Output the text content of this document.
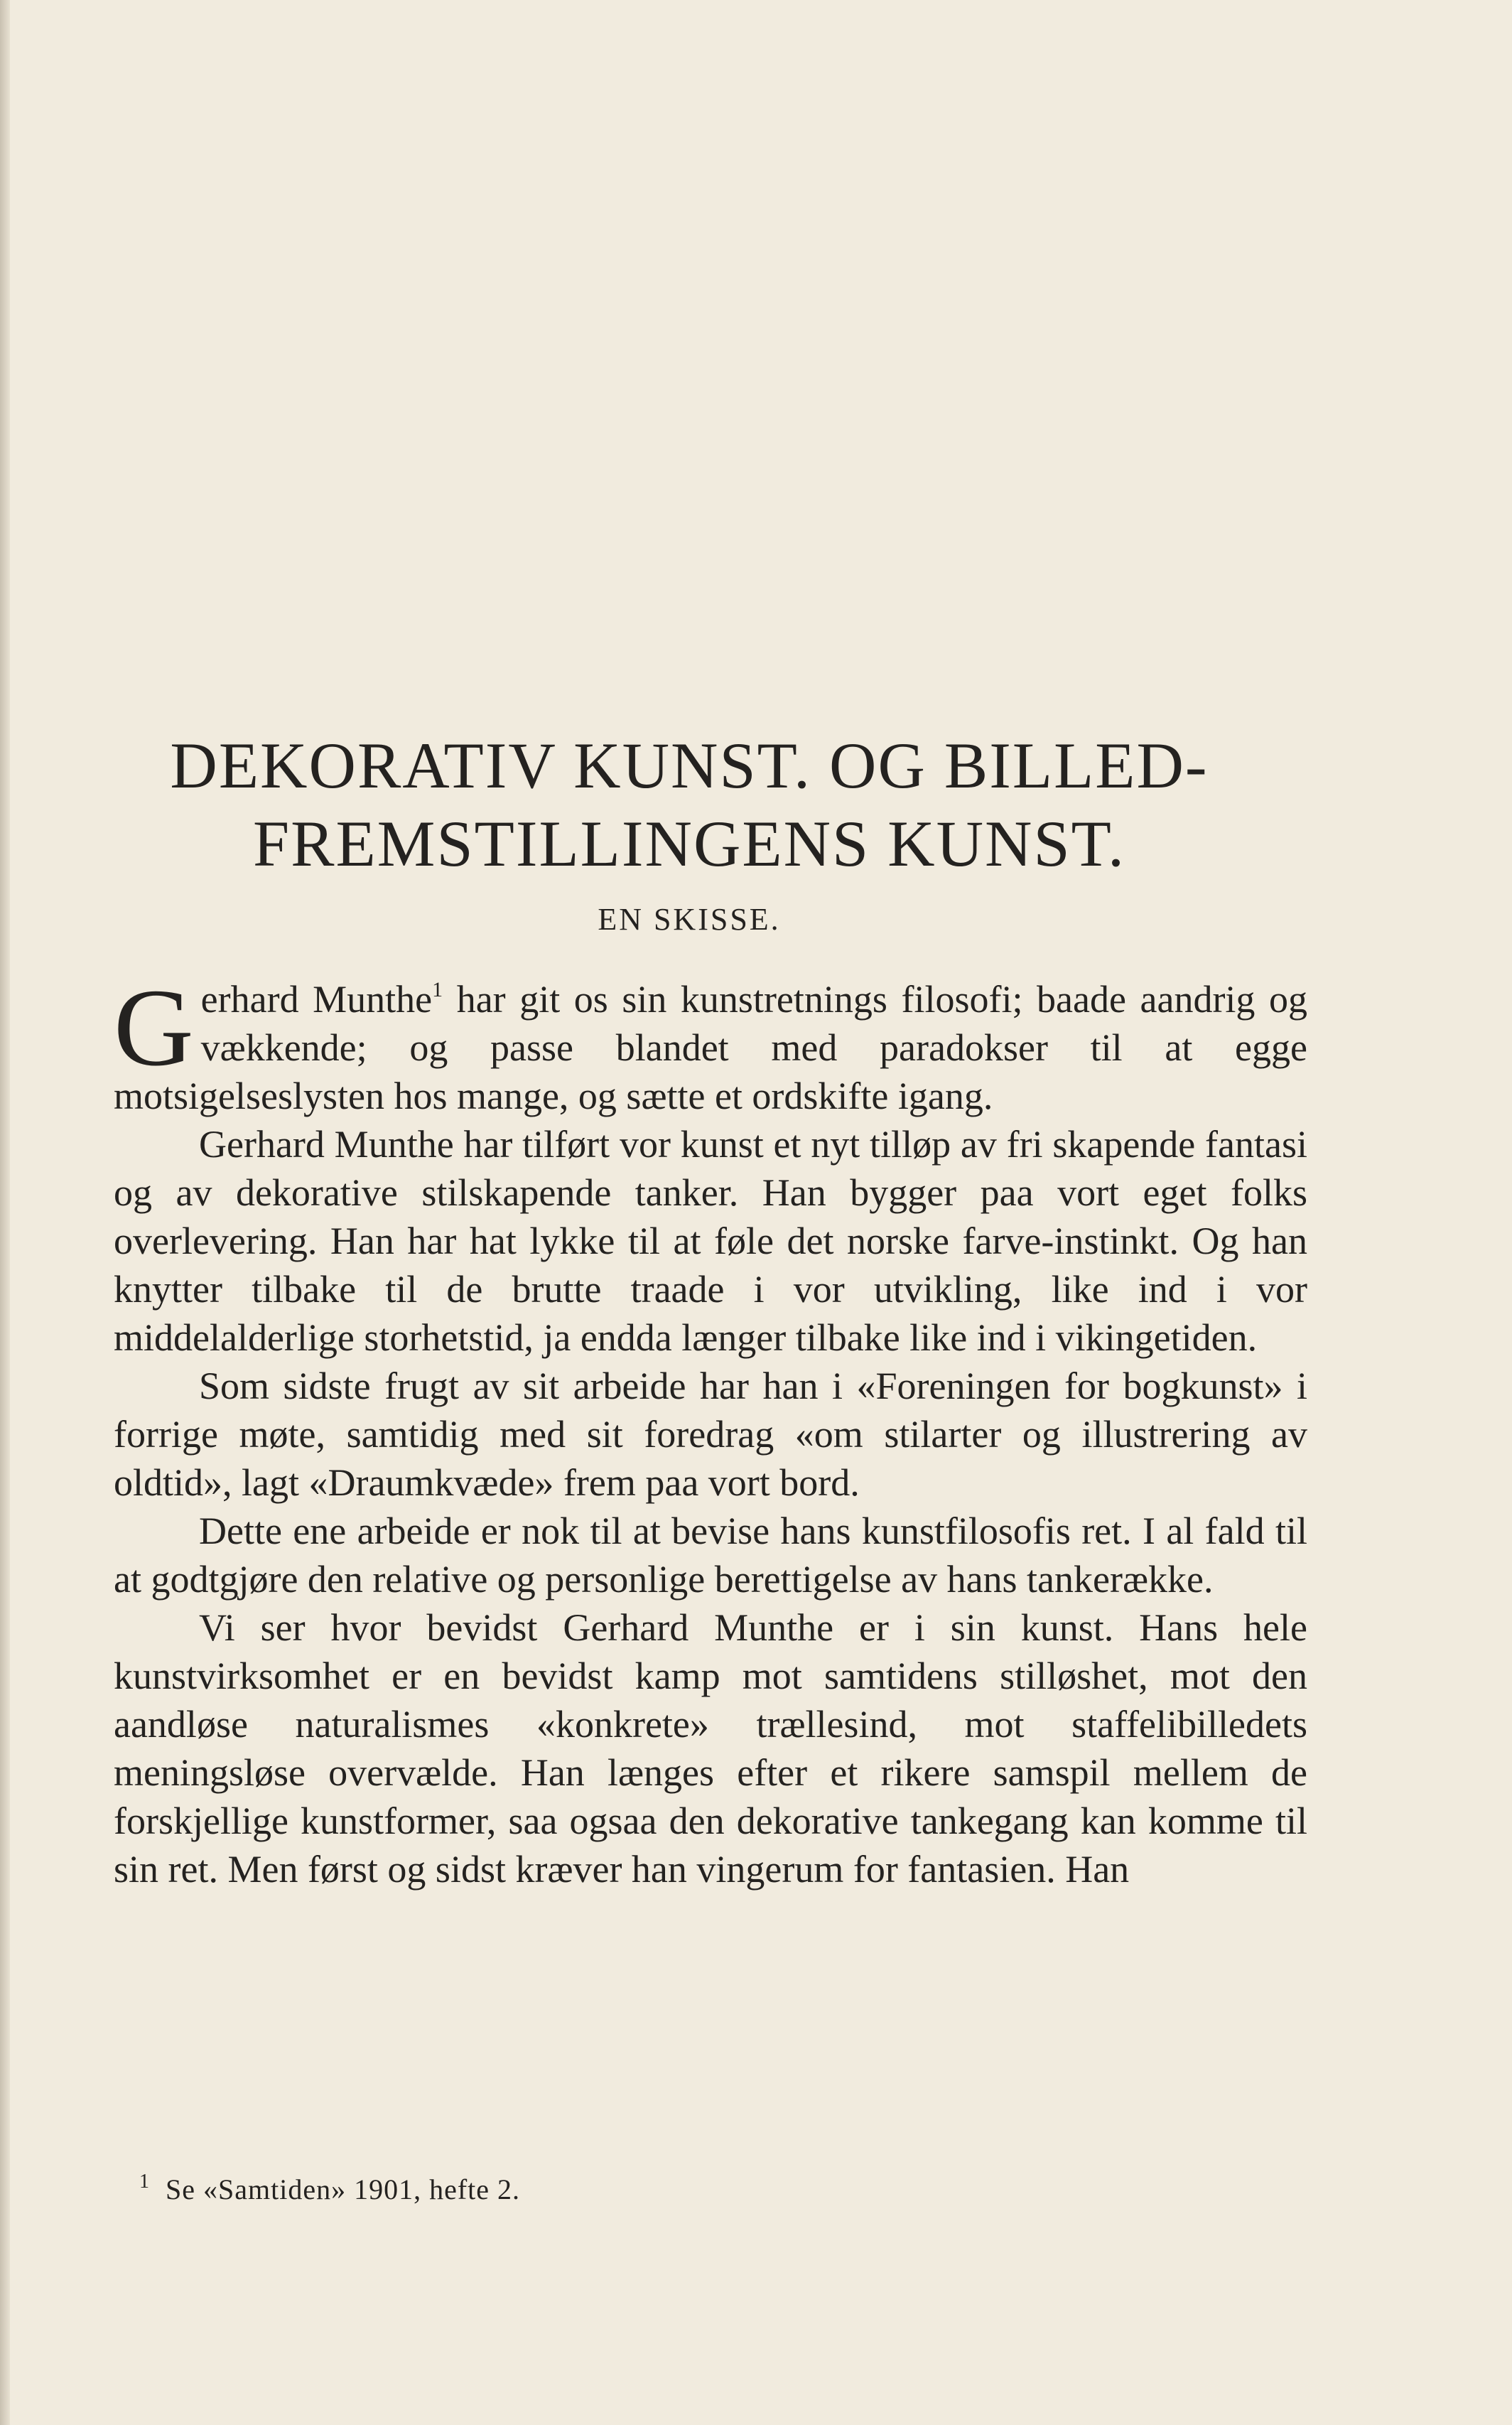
DEKORATIV KUNST. OG BILLED-
FREMSTILLINGENS KUNST.
EN SKISSE.

Gerhard Munthe$^1$ har git os sin kunstretnings filosofi; baade aandrig og vækkende; og passe blandet med paradokser til at egge motsigelseslysten hos mange, og sætte et ordskifte igang.

Gerhard Munthe har tilført vor kunst et nyt tilløp av fri skapende fantasi og av dekorative stilskapende tanker. Han bygger paa vort eget folks overlevering. Han har hat lykke til at føle det norske farve-instinkt. Og han knytter tilbake til de brutte traade i vor utvikling, like ind i vor middelalderlige storhetstid, ja endda længer tilbake like ind i vikingetiden.

Som sidste frugt av sit arbeide har han i «Foreningen for bogkunst» i forrige møte, samtidig med sit foredrag «om stilarter og illustrering av oldtid», lagt «Draumkvæde» frem paa vort bord.

Dette ene arbeide er nok til at bevise hans kunstfilosofis ret. I al fald til at godtgjøre den relative og personlige berettigelse av hans tankerække.

Vi ser hvor bevidst Gerhard Munthe er i sin kunst. Hans hele kunstvirksomhet er en bevidst kamp mot samtidens stilløshet, mot den aandløse naturalismes «konkrete» trællesind, mot staffelibilledets meningsløse overvælde. Han længes efter et rikere samspil mellem de forskjellige kunstformer, saa ogsaa den dekorative tankegang kan komme til sin ret. Men først og sidst kræver han vingerum for fantasien. Han

$^1$ Se «Samtiden» 1901, hefte 2.
